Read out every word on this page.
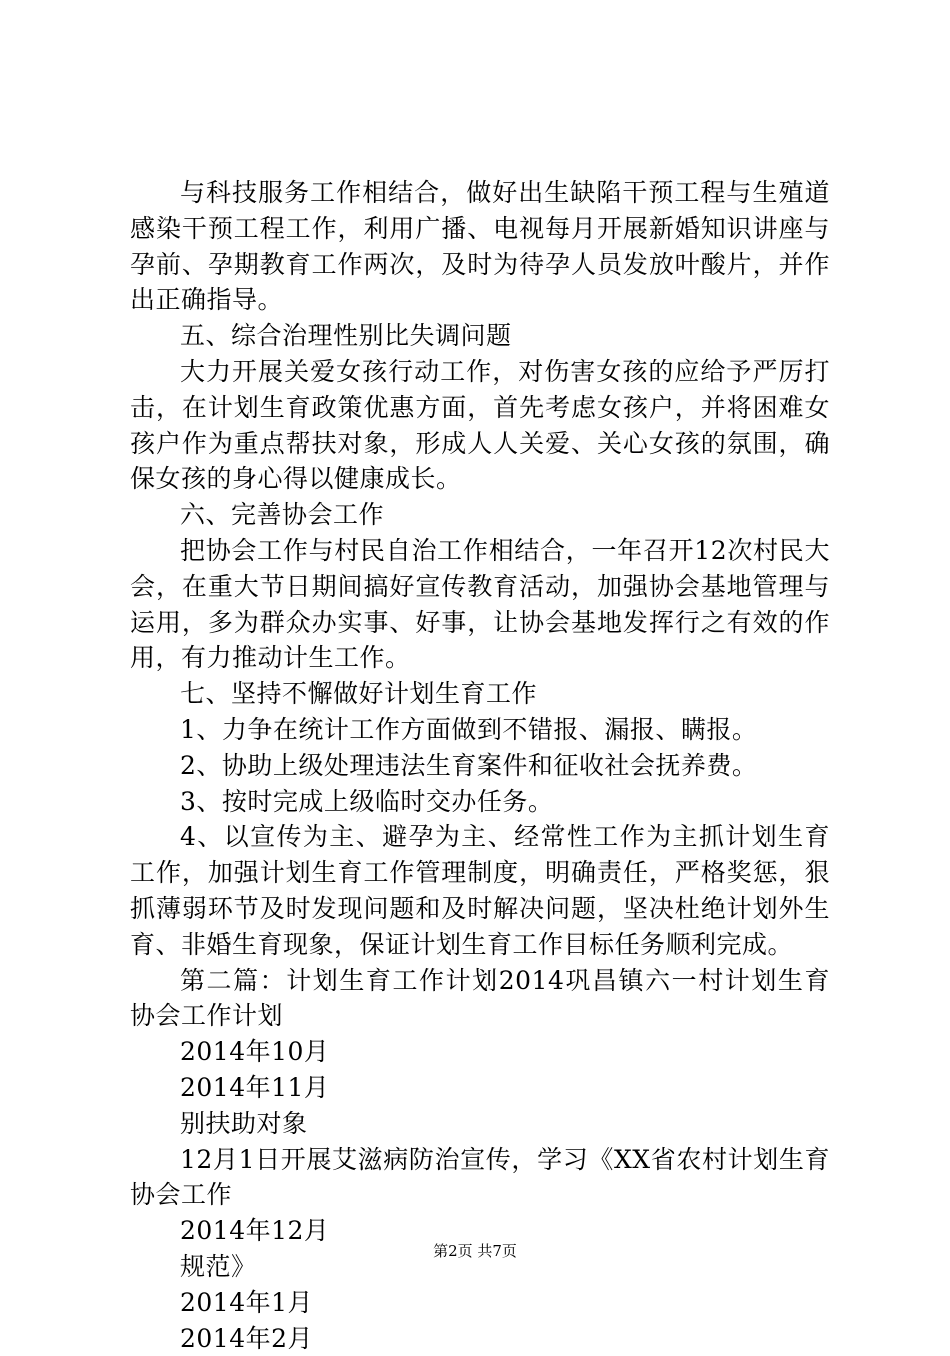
与科技服务工作相结合，做好出生缺陷干预工程与生殖道感染干预工程工作，利用广播、电视每月开展新婚知识讲座与孕前、孕期教育工作两次，及时为待孕人员发放叶酸片，并作出正确指导。

五、综合治理性别比失调问题

大力开展关爱女孩行动工作，对伤害女孩的应给予严厉打击，在计划生育政策优惠方面，首先考虑女孩户，并将困难女孩户作为重点帮扶对象，形成人人关爱、关心女孩的氛围，确保女孩的身心得以健康成长。

六、完善协会工作

把协会工作与村民自治工作相结合，一年召开12次村民大会，在重大节日期间搞好宣传教育活动，加强协会基地管理与运用，多为群众办实事、好事，让协会基地发挥行之有效的作用，有力推动计生工作。

七、坚持不懈做好计划生育工作

1、力争在统计工作方面做到不错报、漏报、瞒报。

2、协助上级处理违法生育案件和征收社会抚养费。

3、按时完成上级临时交办任务。

4、以宣传为主、避孕为主、经常性工作为主抓计划生育工作，加强计划生育工作管理制度，明确责任，严格奖惩，狠抓薄弱环节及时发现问题和及时解决问题，坚决杜绝计划外生育、非婚生育现象，保证计划生育工作目标任务顺利完成。

第二篇：计划生育工作计划2014巩昌镇六一村计划生育协会工作计划

2014年10月

2014年11月

别扶助对象

12月1日开展艾滋病防治宣传，学习《XX省农村计划生育协会工作

2014年12月

规范》

2014年1月

2014年2月

第2页 共7页
